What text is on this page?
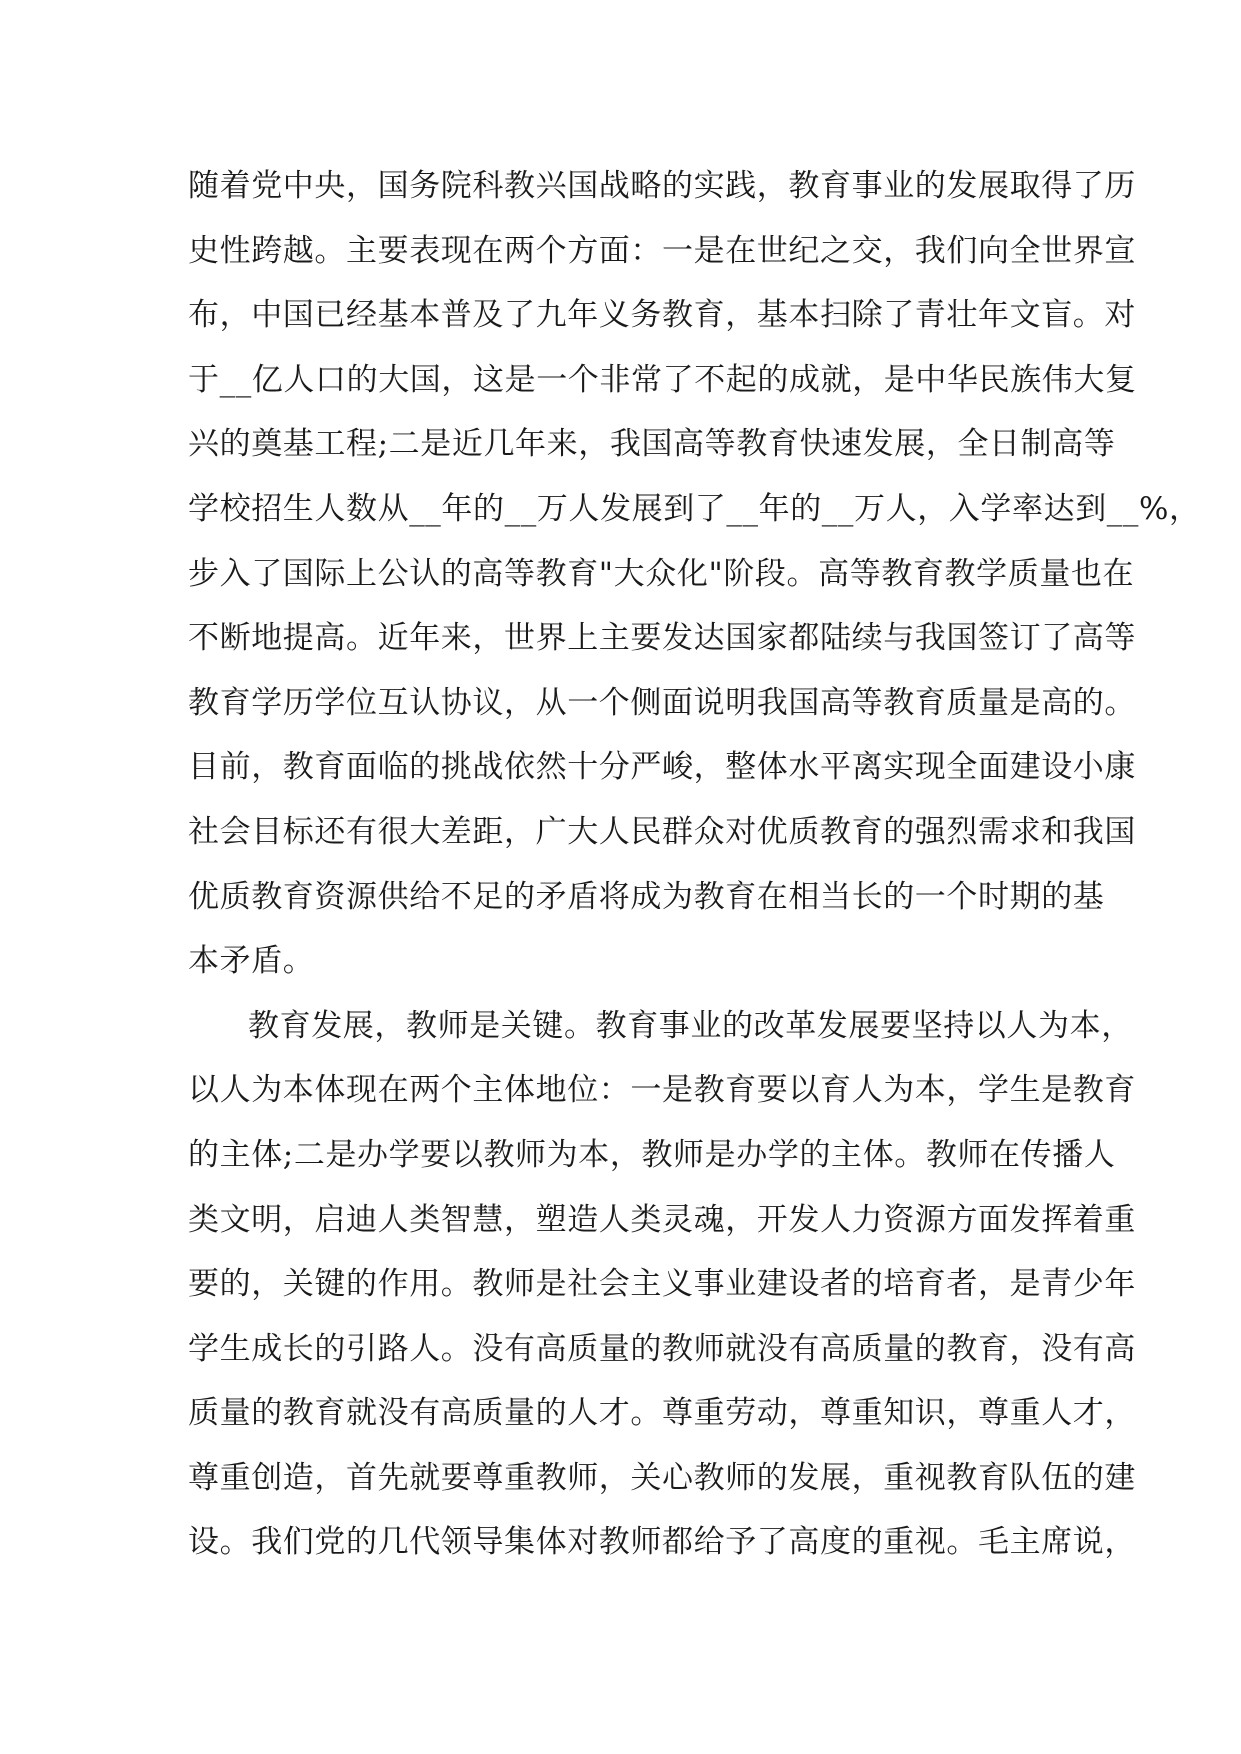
随着党中央，国务院科教兴国战略的实践，教育事业的发展取得了历
史性跨越。主要表现在两个方面：一是在世纪之交，我们向全世界宣
布，中国已经基本普及了九年义务教育，基本扫除了青壮年文盲。对
于__亿人口的大国，这是一个非常了不起的成就，是中华民族伟大复
兴的奠基工程;二是近几年来，我国高等教育快速发展，全日制高等
学校招生人数从__年的__万人发展到了__年的__万人，入学率达到__%，
步入了国际上公认的高等教育"大众化"阶段。高等教育教学质量也在
不断地提高。近年来，世界上主要发达国家都陆续与我国签订了高等
教育学历学位互认协议，从一个侧面说明我国高等教育质量是高的。
目前，教育面临的挑战依然十分严峻，整体水平离实现全面建设小康
社会目标还有很大差距，广大人民群众对优质教育的强烈需求和我国
优质教育资源供给不足的矛盾将成为教育在相当长的一个时期的基
本矛盾。
教育发展，教师是关键。教育事业的改革发展要坚持以人为本，
以人为本体现在两个主体地位：一是教育要以育人为本，学生是教育
的主体;二是办学要以教师为本，教师是办学的主体。教师在传播人
类文明，启迪人类智慧，塑造人类灵魂，开发人力资源方面发挥着重
要的，关键的作用。教师是社会主义事业建设者的培育者，是青少年
学生成长的引路人。没有高质量的教师就没有高质量的教育，没有高
质量的教育就没有高质量的人才。尊重劳动，尊重知识，尊重人才，
尊重创造，首先就要尊重教师，关心教师的发展，重视教育队伍的建
设。我们党的几代领导集体对教师都给予了高度的重视。毛主席说，
